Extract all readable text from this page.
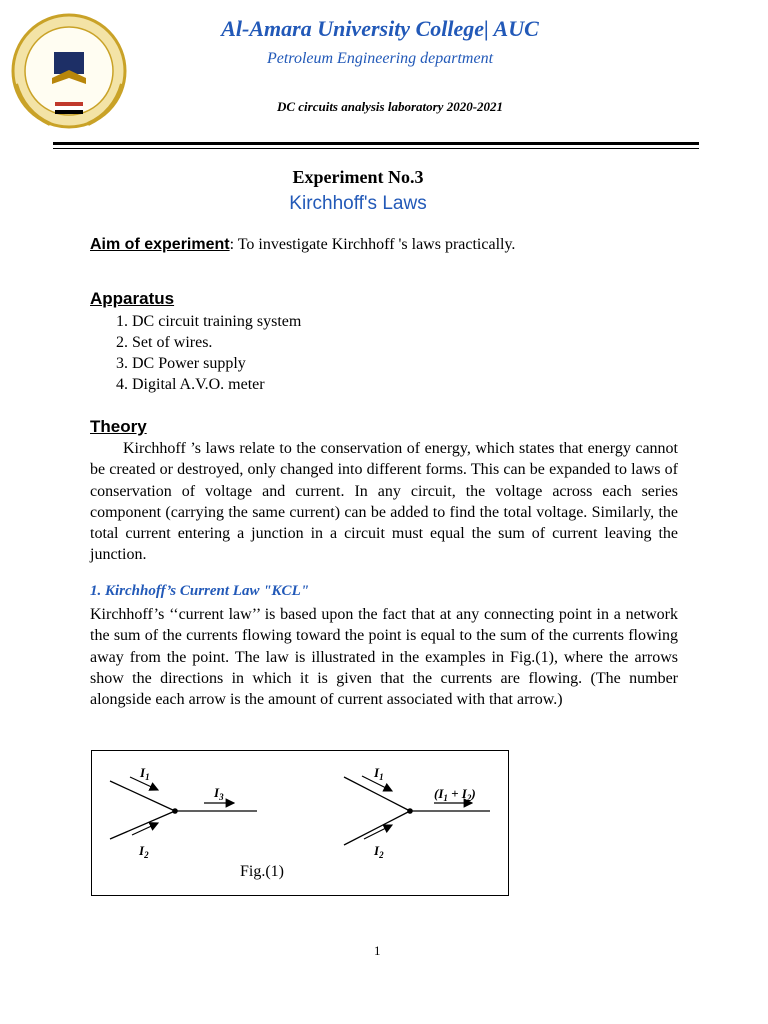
Al-Amara University College| AUC
Petroleum Engineering department
DC circuits analysis laboratory 2020-2021
Experiment No.3
Kirchhoff's Laws
Aim of experiment: To investigate Kirchhoff 's laws practically.
Apparatus
1. DC circuit training system
2. Set of wires.
3. DC Power supply
4. Digital A.V.O. meter
Theory
Kirchhoff ’s laws relate to the conservation of energy, which states that energy cannot be created or destroyed, only changed into different forms. This can be expanded to laws of conservation of voltage and current. In any circuit, the voltage across each series component (carrying the same current) can be added to find the total voltage. Similarly, the total current entering a junction in a circuit must equal the sum of current leaving the junction.
1. Kirchhoff’s Current Law "KCL"
Kirchhoff’s ‘‘current law’’ is based upon the fact that at any connecting point in a network the sum of the currents flowing toward the point is equal to the sum of the currents flowing away from the point. The law is illustrated in the examples in Fig.(1), where the arrows show the directions in which it is given that the currents are flowing. (The number alongside each arrow is the amount of current associated with that arrow.)
$I_1$
$I_2$
$I_3$
$I_1$
$I_2$
$(I_1 + I_2)$
Fig.(1)
1
